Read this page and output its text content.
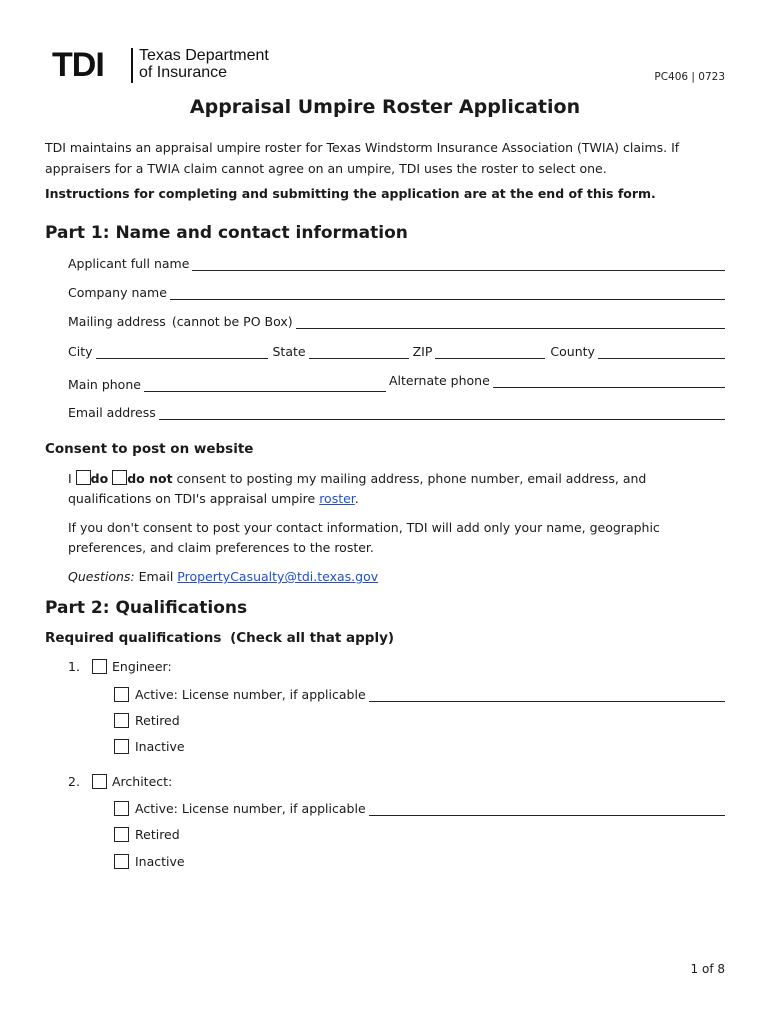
TDI Texas Department
of Insurance	PC406 | 0723
Appraisal Umpire Roster Application
TDI maintains an appraisal umpire roster for Texas Windstorm Insurance Association (TWIA) claims. If appraisers for a TWIA claim cannot agree on an umpire, TDI uses the roster to select one.
Instructions for completing and submitting the application are at the end of this form.
Part 1: Name and contact information
Applicant full name
Company name
Mailing address (cannot be PO Box)
City	State	ZIP	County
Main phone	Alternate phone
Email address
Consent to post on website
I do do not consent to posting my mailing address, phone number, email address, and
qualifications on TDI's appraisal umpire roster.
If you don't consent to post your contact information, TDI will add only your name, geographic preferences, and claim preferences to the roster.
Questions: Email PropertyCasualty@tdi.texas.gov
Part 2: Qualifications
Required qualifications (Check all that apply)
1.	Engineer:
Active: License number, if applicable
Retired
Inactive
2.	Architect:
Active: License number, if applicable
Retired
Inactive
1 of 8
